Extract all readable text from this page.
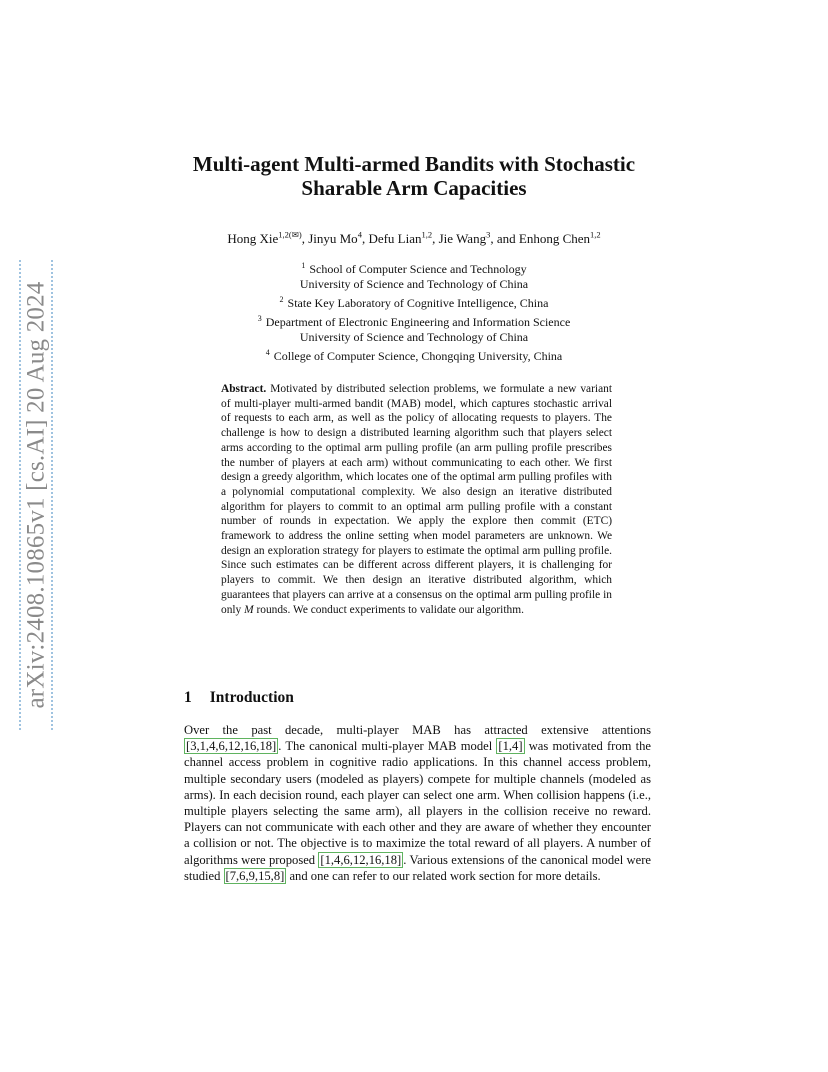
arXiv:2408.10865v1 [cs.AI] 20 Aug 2024
Multi-agent Multi-armed Bandits with Stochastic
Sharable Arm Capacities
Hong Xie$^{1,2(✉)}$, Jinyu Mo$^4$, Defu Lian$^{1,2}$, Jie Wang$^3$, and Enhong Chen$^{1,2}$
$^1$ School of Computer Science and Technology
University of Science and Technology of China
$^2$ State Key Laboratory of Cognitive Intelligence, China
$^3$ Department of Electronic Engineering and Information Science
University of Science and Technology of China
$^4$ College of Computer Science, Chongqing University, China
Abstract. Motivated by distributed selection problems, we formulate a new variant of multi-player multi-armed bandit (MAB) model, which captures stochastic arrival of requests to each arm, as well as the policy of allocating requests to players. The challenge is how to design a distributed learning algorithm such that players select arms according to the optimal arm pulling profile (an arm pulling profile prescribes the number of players at each arm) without communicating to each other. We first design a greedy algorithm, which locates one of the optimal arm pulling profiles with a polynomial computational complexity. We also design an iterative distributed algorithm for players to commit to an optimal arm pulling profile with a constant number of rounds in expectation. We apply the explore then commit (ETC) framework to address the online setting when model parameters are unknown. We design an exploration strategy for players to estimate the optimal arm pulling profile. Since such estimates can be different across different players, it is challenging for players to commit. We then design an iterative distributed algorithm, which guarantees that players can arrive at a consensus on the optimal arm pulling profile in only M rounds. We conduct experiments to validate our algorithm.
1 Introduction
Over the past decade, multi-player MAB has attracted extensive attentions [3,1,4,6,12,16,18] . The canonical multi-player MAB model [1,4] was motivated from the channel access problem in cognitive radio applications. In this channel access problem, multiple secondary users (modeled as players) compete for multiple channels (modeled as arms). In each decision round, each player can select one arm. When collision happens (i.e., multiple players selecting the same arm), all players in the collision receive no reward. Players can not communicate with each other and they are aware of whether they encounter a collision or not. The objective is to maximize the total reward of all players. A number of algorithms were proposed [1,4,6,12,16,18] . Various extensions of the canonical model were studied [7,6,9,15,8] and one can refer to our related work section for more details.
